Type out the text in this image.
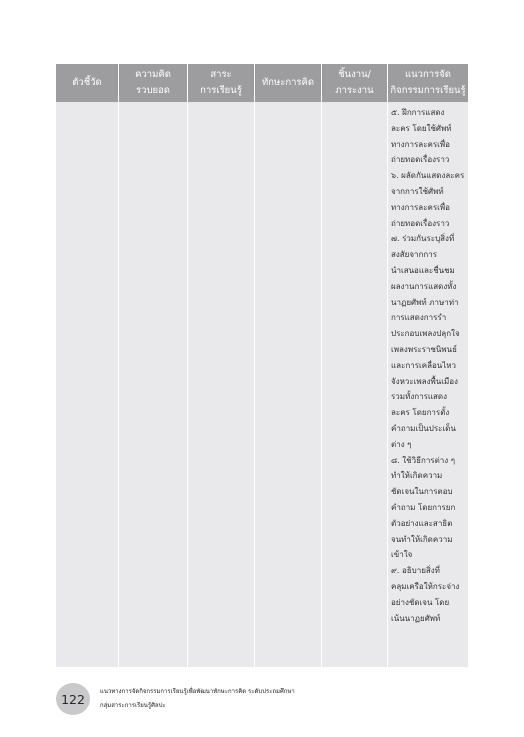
ตัวชี้วัด
ความคิด
รวบยอด
สาระ
การเรียนรู้
ทักษะการคิด
ชิ้นงาน/
ภาระงาน
แนวการจัด
กิจกรรมการเรียนรู้
๕. ฝึกการแสดง
ละคร โดยใช้ศัพท์
ทางการละครเพื่อ
ถ่ายทอดเรื่องราว
๖. ผลัดกันแสดงละคร
จากการใช้ศัพท์
ทางการละครเพื่อ
ถ่ายทอดเรื่องราว
๗. ร่วมกันระบุสิ่งที่
สงสัยจากการ
นำเสนอและชื่นชม
ผลงานการแสดงทั้ง
นาฏยศัพท์ ภาษาท่า
การแสดงการรำ
ประกอบเพลงปลุกใจ
เพลงพระราชนิพนธ์
และการเคลื่อนไหว
จังหวะเพลงพื้นเมือง
รวมทั้งการแสดง
ละคร โดยการตั้ง
คำถามเป็นประเด็น
ต่าง ๆ
๘. ใช้วิธีการต่าง ๆ
ทำให้เกิดความ
ชัดเจนในการตอบ
คำถาม โดยการยก
ตัวอย่างและสาธิต
จนทำให้เกิดความ
เข้าใจ
๙. อธิบายสิ่งที่
คลุมเครือให้กระจ่าง
อย่างชัดเจน โดย
เน้นนาฏยศัพท์
122	แนวทางการจัดกิจกรรมการเรียนรู้เพื่อพัฒนาทักษะการคิด ระดับประถมศึกษา
กลุ่มสาระการเรียนรู้ศิลปะ
